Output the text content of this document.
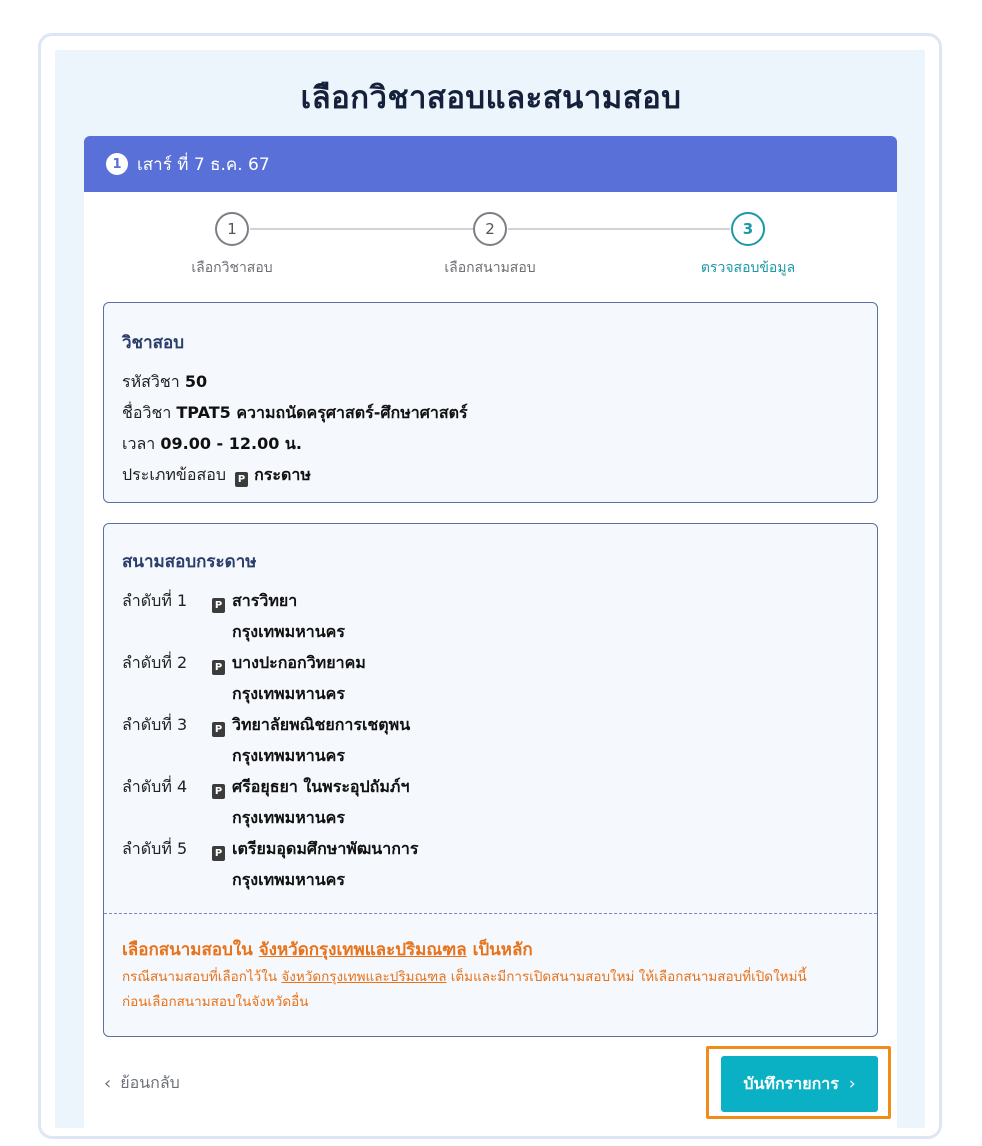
เลือกวิชาสอบและสนามสอบ
1 เสาร์ ที่ 7 ธ.ค. 67
1
เลือกวิชาสอบ
2
เลือกสนามสอบ
3
ตรวจสอบข้อมูล
วิชาสอบ
รหัสวิชา 50
ชื่อวิชา TPAT5 ความถนัดครุศาสตร์-ศึกษาศาสตร์
เวลา 09.00 - 12.00 น.
ประเภทข้อสอบ P กระดาษ
สนามสอบกระดาษ
ลำดับที่ 1	P สารวิทยา
กรุงเทพมหานคร
ลำดับที่ 2	P บางปะกอกวิทยาคม
กรุงเทพมหานคร
ลำดับที่ 3	P วิทยาลัยพณิชยการเชตุพน
กรุงเทพมหานคร
ลำดับที่ 4	P ศรีอยุธยา ในพระอุปถัมภ์ฯ
กรุงเทพมหานคร
ลำดับที่ 5	P เตรียมอุดมศึกษาพัฒนาการ
กรุงเทพมหานคร
เลือกสนามสอบใน จังหวัดกรุงเทพและปริมณฑล เป็นหลัก
กรณีสนามสอบที่เลือกไว้ใน จังหวัดกรุงเทพและปริมณฑล เต็มและมีการเปิดสนามสอบใหม่ ให้เลือกสนามสอบที่เปิดใหม่นี้
ก่อนเลือกสนามสอบในจังหวัดอื่น
‹ ย้อนกลับ	บันทึกรายการ ›
